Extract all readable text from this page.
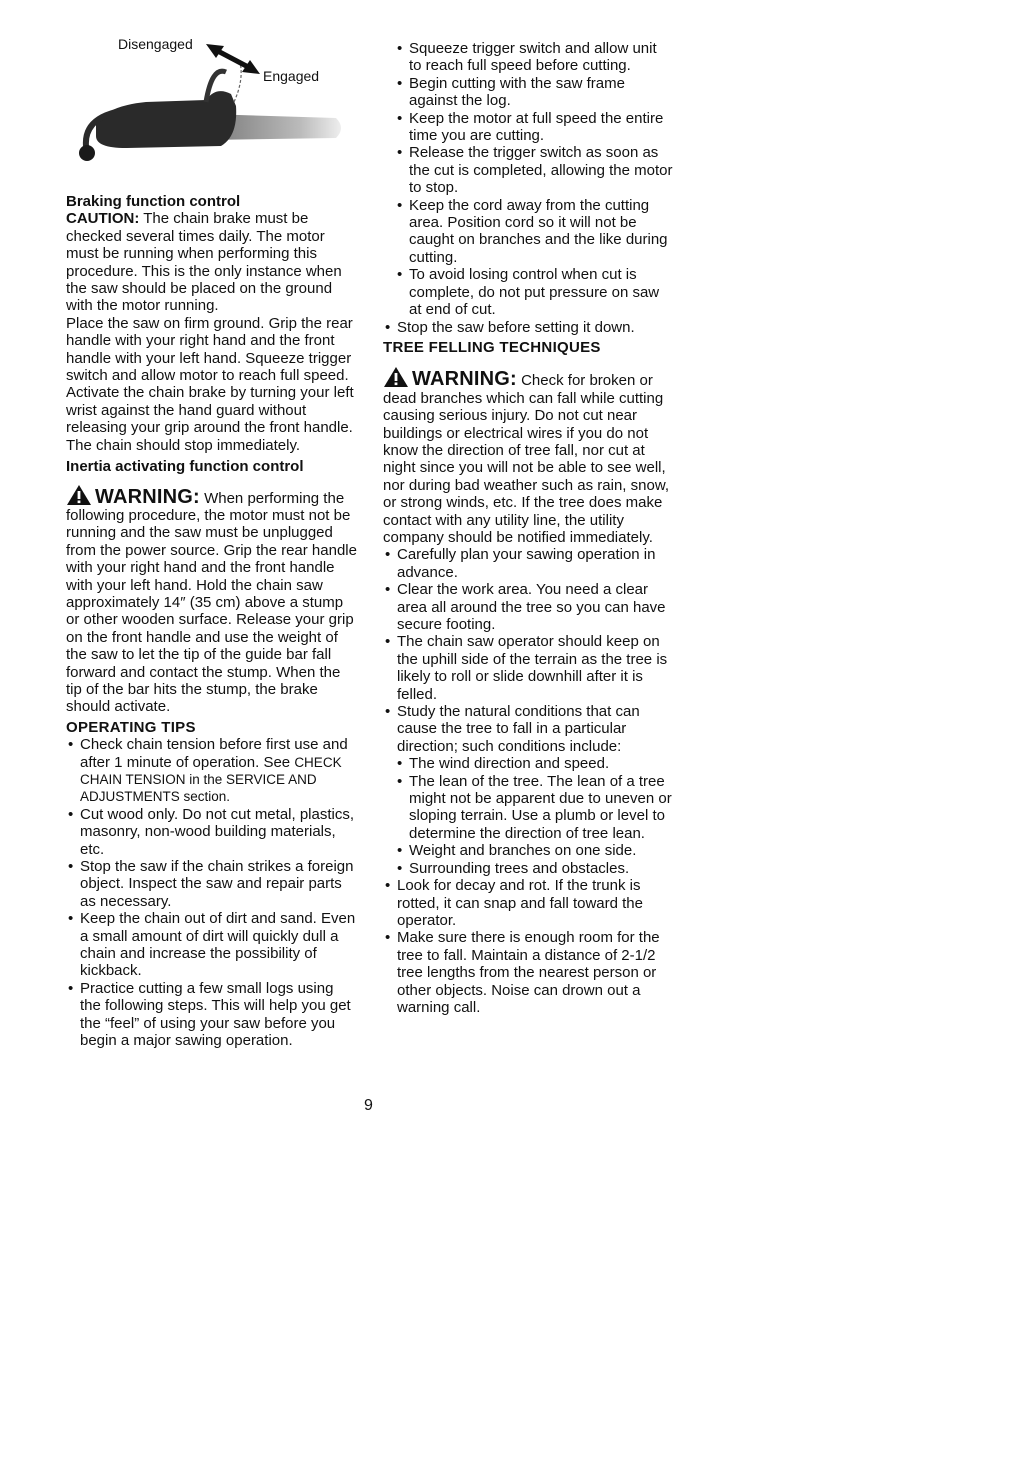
Disengaged
Engaged

Braking function control

CAUTION: The chain brake must be checked several times daily. The motor must be running when performing this procedure. This is the only instance when the saw should be placed on the ground with the motor running.

Place the saw on firm ground. Grip the rear handle with your right hand and the front handle with your left hand. Squeeze trigger switch and allow motor to reach full speed. Activate the chain brake by turning your left wrist against the hand guard without releasing your grip around the front handle. The chain should stop immediately.

Inertia activating function control

WARNING: When performing the following procedure, the motor must not be running and the saw must be unplugged from the power source. Grip the rear handle with your right hand and the front handle with your left hand. Hold the chain saw approximately 14″ (35 cm) above a stump or other wooden surface. Release your grip on the front handle and use the weight of the saw to let the tip of the guide bar fall forward and contact the stump. When the tip of the bar hits the stump, the brake should activate.

OPERATING TIPS

• Check chain tension before first use and after 1 minute of operation. See CHECK CHAIN TENSION in the SERVICE AND ADJUSTMENTS section.
• Cut wood only. Do not cut metal, plastics, masonry, non-wood building materials, etc.
• Stop the saw if the chain strikes a foreign object. Inspect the saw and repair parts as necessary.
• Keep the chain out of dirt and sand. Even a small amount of dirt will quickly dull a chain and increase the possibility of kickback.
• Practice cutting a few small logs using the following steps. This will help you get the “feel” of using your saw before you begin a major sawing operation.
• Squeeze trigger switch and allow unit to reach full speed before cutting.
• Begin cutting with the saw frame against the log.
• Keep the motor at full speed the entire time you are cutting.
• Release the trigger switch as soon as the cut is completed, allowing the motor to stop.
• Keep the cord away from the cutting area. Position cord so it will not be caught on branches and the like during cutting.
• To avoid losing control when cut is complete, do not put pressure on saw at end of cut.
• Stop the saw before setting it down.

TREE FELLING TECHNIQUES

WARNING: Check for broken or dead branches which can fall while cutting causing serious injury. Do not cut near buildings or electrical wires if you do not know the direction of tree fall, nor cut at night since you will not be able to see well, nor during bad weather such as rain, snow, or strong winds, etc. If the tree does make contact with any utility line, the utility company should be notified immediately.

• Carefully plan your sawing operation in advance.
• Clear the work area. You need a clear area all around the tree so you can have secure footing.
• The chain saw operator should keep on the uphill side of the terrain as the tree is likely to roll or slide downhill after it is felled.
• Study the natural conditions that can cause the tree to fall in a particular direction; such conditions include:
• The wind direction and speed.
• The lean of the tree. The lean of a tree might not be apparent due to uneven or sloping terrain. Use a plumb or level to determine the direction of tree lean.
• Weight and branches on one side.
• Surrounding trees and obstacles.
• Look for decay and rot. If the trunk is rotted, it can snap and fall toward the operator.
• Make sure there is enough room for the tree to fall. Maintain a distance of 2-1/2 tree lengths from the nearest person or other objects. Noise can drown out a warning call.
9
